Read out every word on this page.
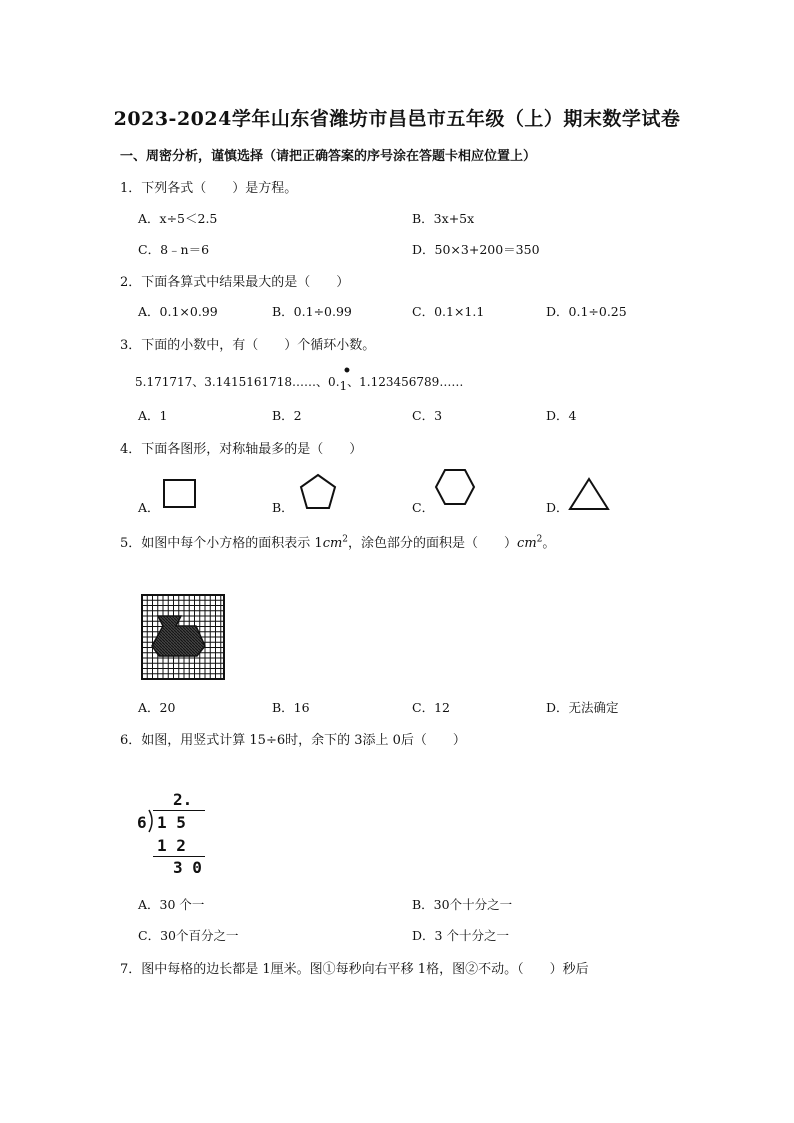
2023-2024学年山东省潍坊市昌邑市五年级（上）期末数学试卷
一、周密分析，谨慎选择（请把正确答案的序号涂在答题卡相应位置上）
1．下列各式（　　）是方程。
A．x÷5＜2.5	B．3x+5x
C．8﹣n＝6	D．50×3+200＝350
2．下面各算式中结果最大的是（　　）
A．0.1×0.99	B．0.1÷0.99	C．0.1×1.1	D．0.1÷0.25
3．下面的小数中，有（　　）个循环小数。
5.171717、3.1415161718……、0.
•
1、1.123456789……
A．1	B．2	C．3	D．4
4．下面各图形，对称轴最多的是（　　）
A．	B．	C．	D．
5．如图中每个小方格的面积表示 $1cm^2$，涂色部分的面积是（　　）$cm^2$。
A．20	B．16	C．12	D．无法确定
6．如图，用竖式计算 15÷6时，余下的 3添上 0后（　　）
2.
6 1 5
1 2
3 0
A．30 个一	B．30个十分之一
C．30个百分之一	D．3 个十分之一
7．图中每格的边长都是 1厘米。图①每秒向右平移 1格，图②不动。（　　）秒后
